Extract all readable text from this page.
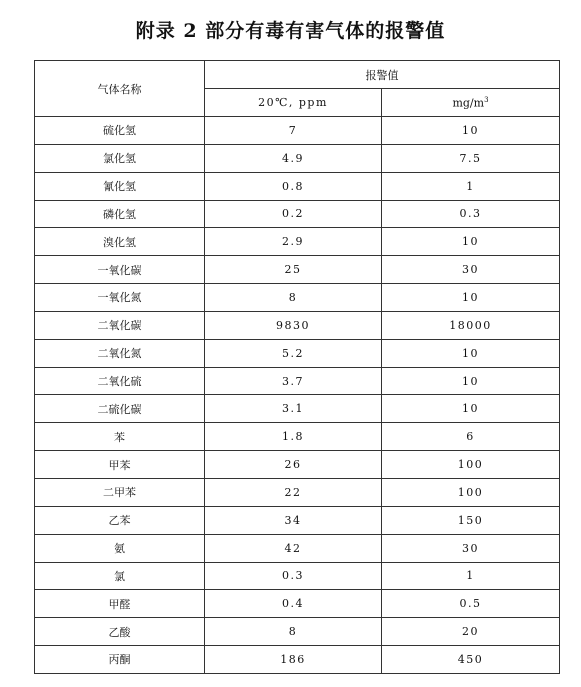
附录 2 部分有毒有害气体的报警值
气体名称	报警值	
	20℃, ppm	$mg/m^3$
硫化氢	7	10
氯化氢	4.9	7.5
氰化氢	0.8	1
磷化氢	0.2	0.3
溴化氢	2.9	10
一氧化碳	25	30
一氧化氮	8	10
二氧化碳	9830	18000
二氧化氮	5.2	10
二氧化硫	3.7	10
二硫化碳	3.1	10
苯	1.8	6
甲苯	26	100
二甲苯	22	100
乙苯	34	150
氨	42	30
氯	0.3	1
甲醛	0.4	0.5
乙酸	8	20
丙酮	186	450
